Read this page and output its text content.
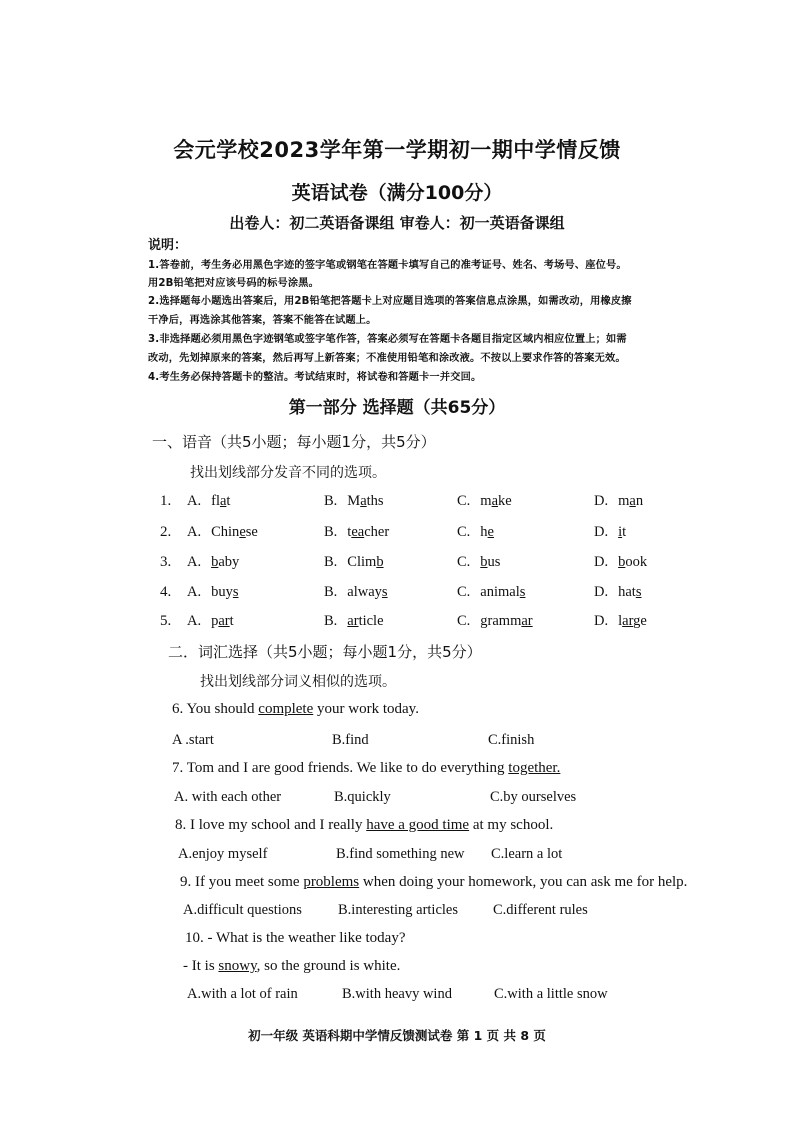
会元学校2023学年第一学期初一期中学情反馈
英语试卷（满分100分）
出卷人：初二英语备课组 审卷人：初一英语备课组
说明：
1.答卷前，考生务必用黑色字迹的签字笔或钢笔在答题卡填写自己的准考证号、姓名、考场号、座位号。
用2B铅笔把对应该号码的标号涂黑。
2.选择题每小题选出答案后，用2B铅笔把答题卡上对应题目选项的答案信息点涂黑，如需改动，用橡皮擦
干净后，再选涂其他答案，答案不能答在试题上。
3.非选择题必须用黑色字迹钢笔或签字笔作答，答案必须写在答题卡各题目指定区域内相应位置上；如需
改动，先划掉原来的答案，然后再写上新答案；不准使用铅笔和涂改液。不按以上要求作答的答案无效。
4.考生务必保持答题卡的整洁。考试结束时，将试卷和答题卡一并交回。
第一部分 选择题（共65分）
一、语音（共5小题；每小题1分，共5分）
找出划线部分发音不同的选项。
1. A. flat	B. Maths	C. make	D. man
2. A. Chinese	B. teacher	C. he	D. it
3. A. baby	B. Climb	C. bus	D. book
4. A. buys	B. always	C. animals	D. hats
5. A. part	B. article	C. grammar	D. large
二．词汇选择（共5小题；每小题1分，共5分）
找出划线部分词义相似的选项。
6. You should complete your work today.
A .start	B.find	C.finish
7. Tom and I are good friends. We like to do everything together.
A. with each other	B.quickly	C.by ourselves
8. I love my school and I really have a good time at my school.
A.enjoy myself	B.find something new C.learn a lot
9. If you meet some problems when doing your homework, you can ask me for help.
A.difficult questions B.interesting articles C.different rules
10. - What is the weather like today?
- It is snowy, so the ground is white.
A.with a lot of rain	B.with heavy wind	C.with a little snow
初一年级 英语科期中学情反馈测试卷 第 1 页 共 8 页
